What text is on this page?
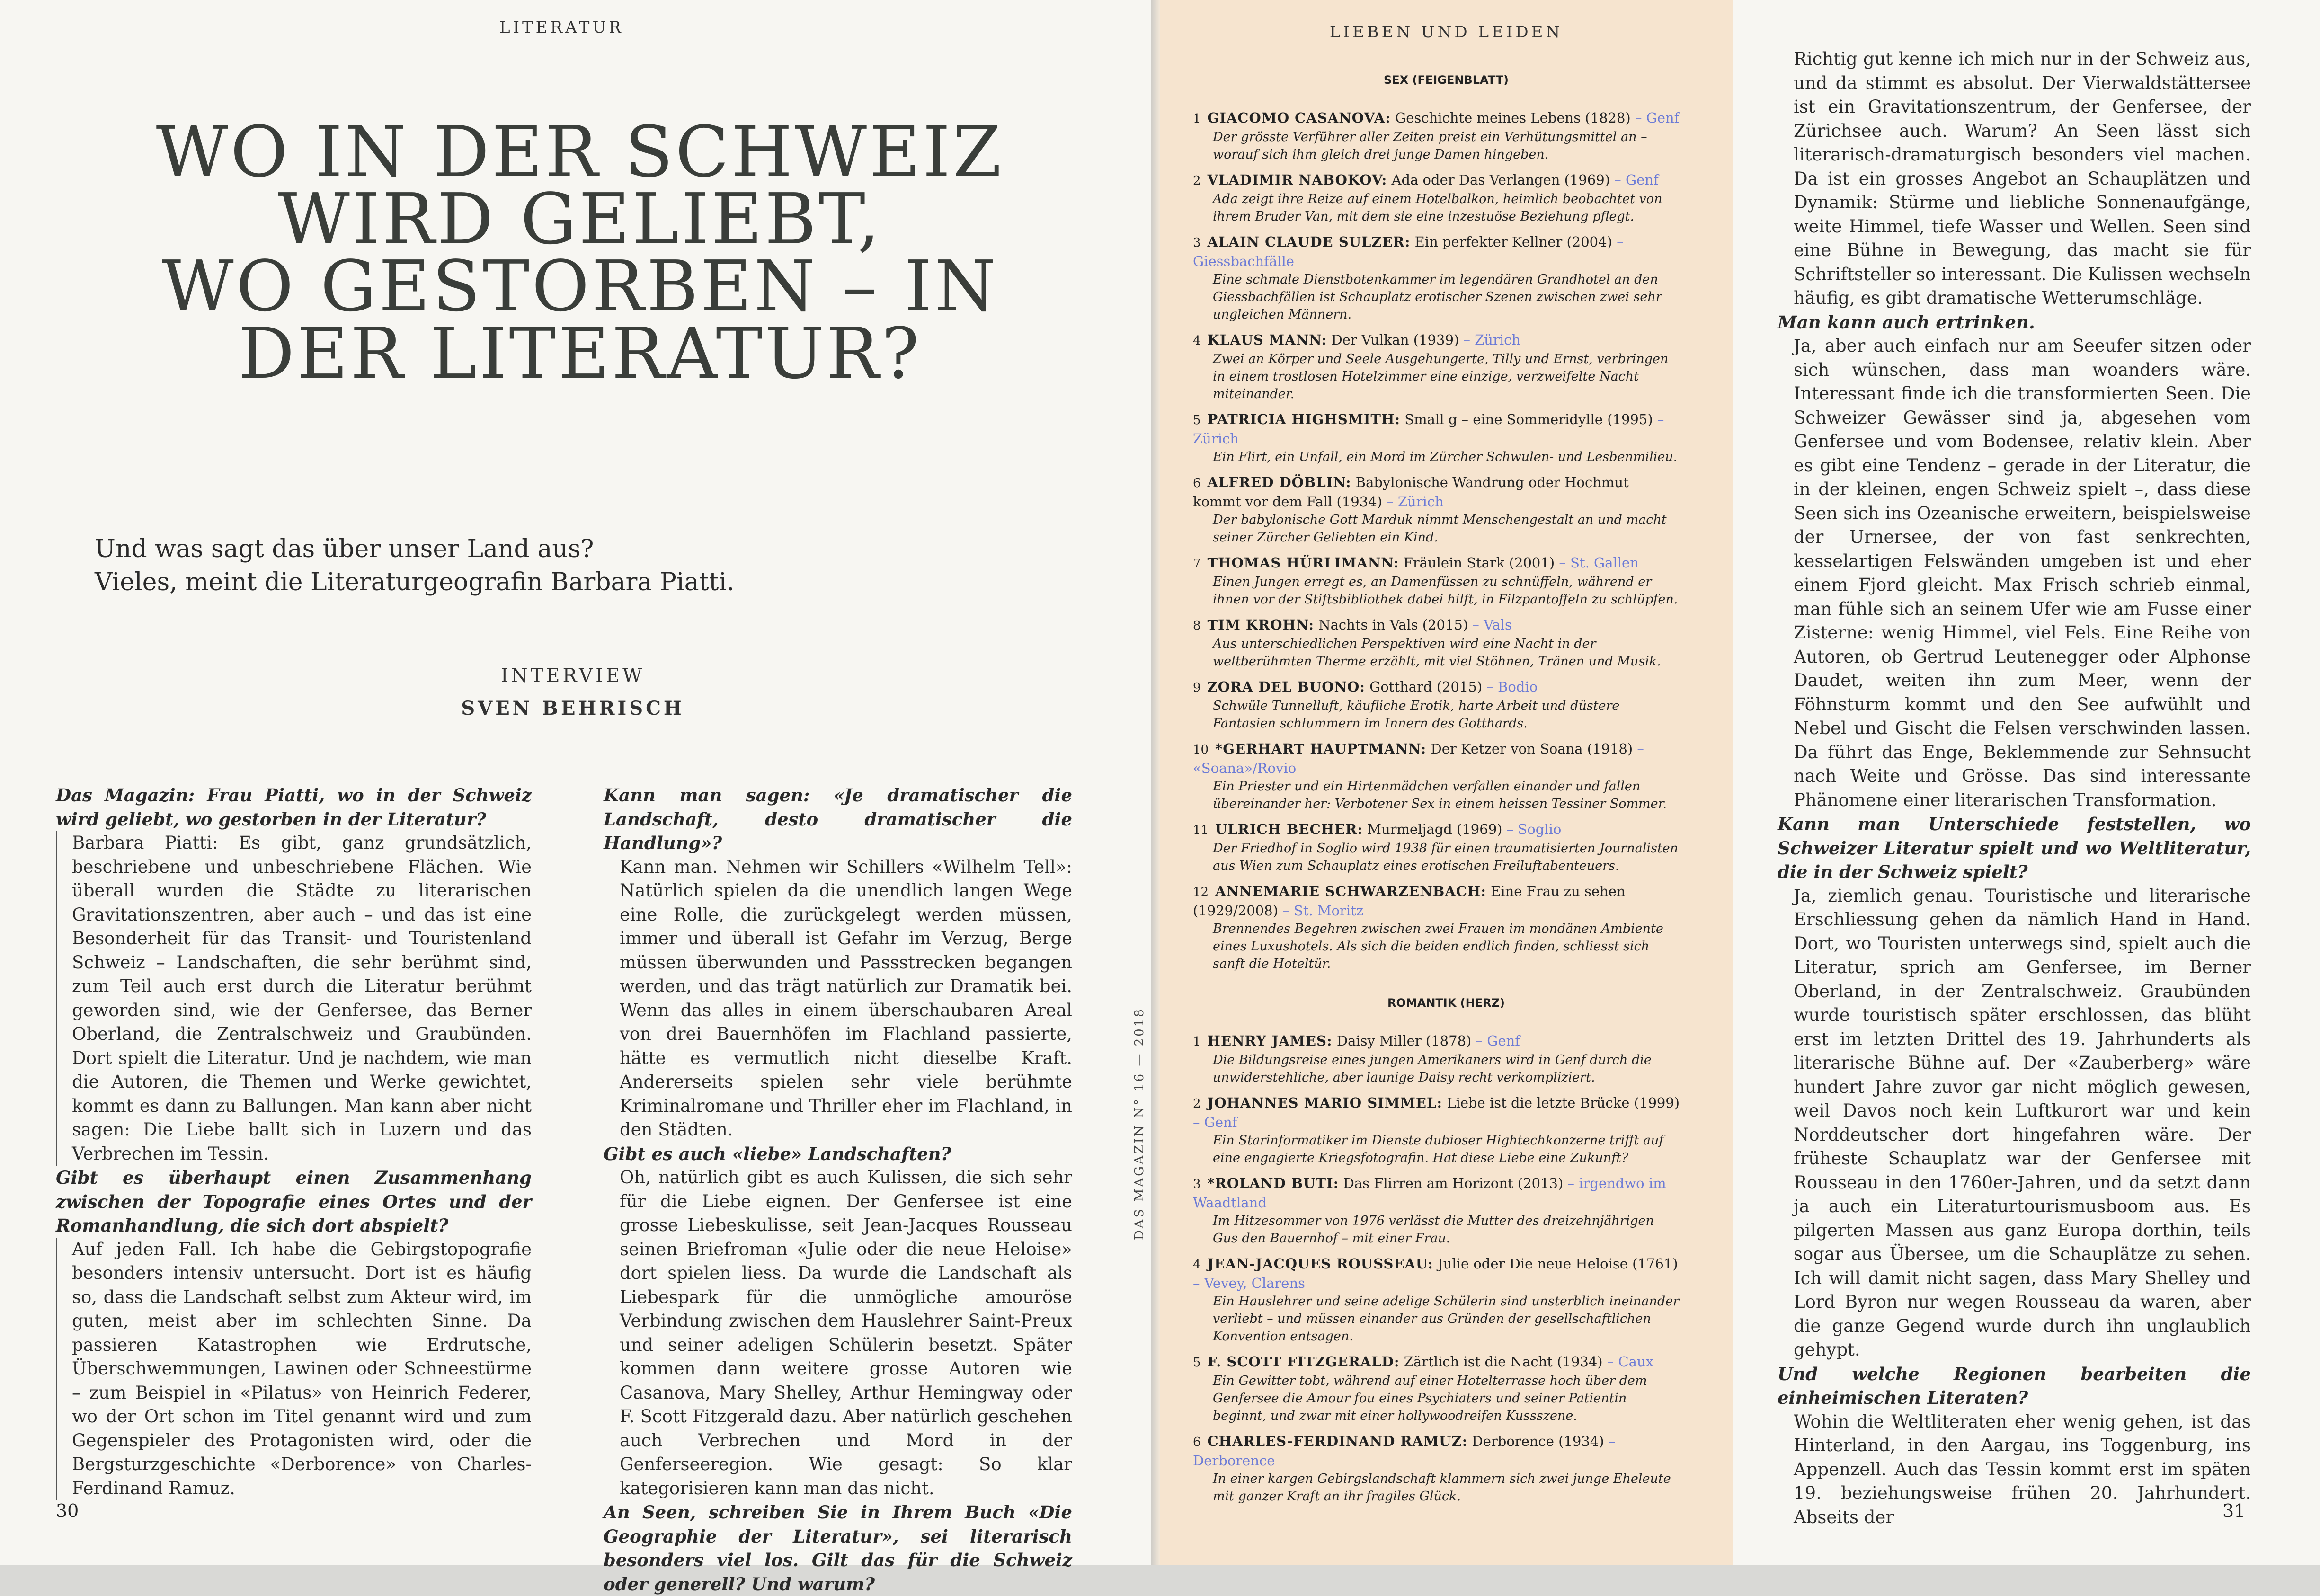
LITERATUR
WO IN DER SCHWEIZ
WIRD GELIEBT,
WO GESTORBEN – IN
DER LITERATUR?
Und was sagt das über unser Land aus?
Vieles, meint die Literaturgeografin Barbara Piatti.
INTERVIEW
SVEN BEHRISCH

Das Magazin: Frau Piatti, wo in der Schweiz wird geliebt, wo gestorben in der Literatur?

Barbara Piatti: Es gibt, ganz grundsätzlich, beschriebene und unbeschriebene Flächen. Wie überall wurden die Städte zu literarischen Gravitationszentren, aber auch – und das ist eine Besonderheit für das Transit- und Touristenland Schweiz – Landschaften, die sehr berühmt sind, zum Teil auch erst durch die Literatur berühmt geworden sind, wie der Genfersee, das Berner Oberland, die Zentralschweiz und Graubünden. Dort spielt die Literatur. Und je nachdem, wie man die Autoren, die Themen und Werke gewichtet, kommt es dann zu Ballungen. Man kann aber nicht sagen: Die Liebe ballt sich in Luzern und das Verbrechen im Tessin.

Gibt es überhaupt einen Zusammenhang zwischen der Topografie eines Ortes und der Romanhandlung, die sich dort abspielt?

Auf jeden Fall. Ich habe die Gebirgstopografie besonders intensiv untersucht. Dort ist es häufig so, dass die Landschaft selbst zum Akteur wird, im guten, meist aber im schlechten Sinne. Da passieren Katastrophen wie Erdrutsche, Überschwemmungen, Lawinen oder Schneestürme – zum Beispiel in «Pilatus» von Heinrich Federer, wo der Ort schon im Titel genannt wird und zum Gegenspieler des Protagonisten wird, oder die Bergsturzgeschichte «Derborence» von Charles-Ferdinand Ramuz.

Kann man sagen: «Je dramatischer die Landschaft, desto dramatischer die Handlung»?

Kann man. Nehmen wir Schillers «Wilhelm Tell»: Natürlich spielen da die unendlich langen Wege eine Rolle, die zurückgelegt werden müssen, immer und überall ist Gefahr im Verzug, Berge müssen überwunden und Passstrecken begangen werden, und das trägt natürlich zur Dramatik bei. Wenn das alles in einem überschaubaren Areal von drei Bauernhöfen im Flachland passierte, hätte es vermutlich nicht dieselbe Kraft. Andererseits spielen sehr viele berühmte Kriminalromane und Thriller eher im Flachland, in den Städten.

Gibt es auch «liebe» Landschaften?

Oh, natürlich gibt es auch Kulissen, die sich sehr für die Liebe eignen. Der Genfersee ist eine grosse Liebeskulisse, seit Jean-Jacques Rousseau seinen Briefroman «Julie oder die neue Heloise» dort spielen liess. Da wurde die Landschaft als Liebespark für die unmögliche amouröse Verbindung zwischen dem Hauslehrer Saint-Preux und seiner adeligen Schülerin besetzt. Später kommen dann weitere grosse Autoren wie Casanova, Mary Shelley, Arthur Hemingway oder F. Scott Fitzgerald dazu. Aber natürlich geschehen auch Verbrechen und Mord in der Genferseeregion. Wie gesagt: So klar kategorisieren kann man das nicht.

An Seen, schreiben Sie in Ihrem Buch «Die Geographie der Literatur», sei literarisch besonders viel los. Gilt das für die Schweiz oder generell? Und warum?

30
DAS MAGAZIN N° 16 — 2018
LIEBEN UND LEIDEN
SEX (FEIGENBLATT)
1 GIACOMO CASANOVA: Geschichte meines Lebens (1828) – Genf
Der grösste Verführer aller Zeiten preist ein Verhütungsmittel an – worauf sich ihm gleich drei junge Damen hingeben.
2 VLADIMIR NABOKOV: Ada oder Das Verlangen (1969) – Genf
Ada zeigt ihre Reize auf einem Hotelbalkon, heimlich beobachtet von ihrem Bruder Van, mit dem sie eine inzestuöse Beziehung pflegt.
3 ALAIN CLAUDE SULZER: Ein perfekter Kellner (2004) – Giessbachfälle
Eine schmale Dienstbotenkammer im legendären Grandhotel an den Giessbachfällen ist Schauplatz erotischer Szenen zwischen zwei sehr ungleichen Männern.
4 KLAUS MANN: Der Vulkan (1939) – Zürich
Zwei an Körper und Seele Ausgehungerte, Tilly und Ernst, verbringen in einem trostlosen Hotelzimmer eine einzige, verzweifelte Nacht miteinander.
5 PATRICIA HIGHSMITH: Small g – eine Sommeridylle (1995) – Zürich
Ein Flirt, ein Unfall, ein Mord im Zürcher Schwulen- und Lesbenmilieu.
6 ALFRED DÖBLIN: Babylonische Wandrung oder Hochmut kommt vor dem Fall (1934) – Zürich
Der babylonische Gott Marduk nimmt Menschengestalt an und macht seiner Zürcher Geliebten ein Kind.
7 THOMAS HÜRLIMANN: Fräulein Stark (2001) – St. Gallen
Einen Jungen erregt es, an Damenfüssen zu schnüffeln, während er ihnen vor der Stiftsbibliothek dabei hilft, in Filzpantoffeln zu schlüpfen.
8 TIM KROHN: Nachts in Vals (2015) – Vals
Aus unterschiedlichen Perspektiven wird eine Nacht in der weltberühmten Therme erzählt, mit viel Stöhnen, Tränen und Musik.
9 ZORA DEL BUONO: Gotthard (2015) – Bodio
Schwüle Tunnelluft, käufliche Erotik, harte Arbeit und düstere Fantasien schlummern im Innern des Gotthards.
10 *GERHART HAUPTMANN: Der Ketzer von Soana (1918) – «Soana»/Rovio
Ein Priester und ein Hirtenmädchen verfallen einander und fallen übereinander her: Verbotener Sex in einem heissen Tessiner Sommer.
11 ULRICH BECHER: Murmeljagd (1969) – Soglio
Der Friedhof in Soglio wird 1938 für einen traumatisierten Journalisten aus Wien zum Schauplatz eines erotischen Freiluftabenteuers.
12 ANNEMARIE SCHWARZENBACH: Eine Frau zu sehen (1929/2008) – St. Moritz
Brennendes Begehren zwischen zwei Frauen im mondänen Ambiente eines Luxushotels. Als sich die beiden endlich finden, schliesst sich sanft die Hoteltür.
ROMANTIK (HERZ)
1 HENRY JAMES: Daisy Miller (1878) – Genf
Die Bildungsreise eines jungen Amerikaners wird in Genf durch die unwiderstehliche, aber launige Daisy recht verkompliziert.
2 JOHANNES MARIO SIMMEL: Liebe ist die letzte Brücke (1999) – Genf
Ein Starinformatiker im Dienste dubioser Hightechkonzerne trifft auf eine engagierte Kriegsfotografin. Hat diese Liebe eine Zukunft?
3 *ROLAND BUTI: Das Flirren am Horizont (2013) – irgendwo im Waadtland
Im Hitzesommer von 1976 verlässt die Mutter des dreizehnjährigen Gus den Bauernhof – mit einer Frau.
4 JEAN-JACQUES ROUSSEAU: Julie oder Die neue Heloise (1761) – Vevey, Clarens
Ein Hauslehrer und seine adelige Schülerin sind unsterblich ineinander verliebt – und müssen einander aus Gründen der gesellschaftlichen Konvention entsagen.
5 F. SCOTT FITZGERALD: Zärtlich ist die Nacht (1934) – Caux
Ein Gewitter tobt, während auf einer Hotelterrasse hoch über dem Genfersee die Amour fou eines Psychiaters und seiner Patientin beginnt, und zwar mit einer hollywoodreifen Kussszene.
6 CHARLES-FERDINAND RAMUZ: Derborence (1934) – Derborence
In einer kargen Gebirgslandschaft klammern sich zwei junge Eheleute mit ganzer Kraft an ihr fragiles Glück.

Richtig gut kenne ich mich nur in der Schweiz aus, und da stimmt es absolut. Der Vierwaldstättersee ist ein Gravitationszentrum, der Genfersee, der Zürichsee auch. Warum? An Seen lässt sich literarisch-dramaturgisch besonders viel machen. Da ist ein grosses Angebot an Schauplätzen und Dynamik: Stürme und liebliche Sonnenaufgänge, weite Himmel, tiefe Wasser und Wellen. Seen sind eine Bühne in Bewegung, das macht sie für Schriftsteller so interessant. Die Kulissen wechseln häufig, es gibt dramatische Wetterumschläge.

Man kann auch ertrinken.

Ja, aber auch einfach nur am Seeufer sitzen oder sich wünschen, dass man woanders wäre. Interessant finde ich die transformierten Seen. Die Schweizer Gewässer sind ja, abgesehen vom Genfersee und vom Bodensee, relativ klein. Aber es gibt eine Tendenz – gerade in der Literatur, die in der kleinen, engen Schweiz spielt –, dass diese Seen sich ins Ozeanische erweitern, beispielsweise der Urnersee, der von fast senkrechten, kesselartigen Felswänden umgeben ist und eher einem Fjord gleicht. Max Frisch schrieb einmal, man fühle sich an seinem Ufer wie am Fusse einer Zisterne: wenig Himmel, viel Fels. Eine Reihe von Autoren, ob Gertrud Leutenegger oder Alphonse Daudet, weiten ihn zum Meer, wenn der Föhnsturm kommt und den See aufwühlt und Nebel und Gischt die Felsen verschwinden lassen. Da führt das Enge, Beklemmende zur Sehnsucht nach Weite und Grösse. Das sind interessante Phänomene einer literarischen Transformation.

Kann man Unterschiede feststellen, wo Schweizer Literatur spielt und wo Weltliteratur, die in der Schweiz spielt?

Ja, ziemlich genau. Touristische und literarische Erschliessung gehen da nämlich Hand in Hand. Dort, wo Touristen unterwegs sind, spielt auch die Literatur, sprich am Genfersee, im Berner Oberland, in der Zentralschweiz. Graubünden wurde touristisch später erschlossen, das blüht erst im letzten Drittel des 19. Jahrhunderts als literarische Bühne auf. Der «Zauberberg» wäre hundert Jahre zuvor gar nicht möglich gewesen, weil Davos noch kein Luftkurort war und kein Norddeutscher dort hingefahren wäre. Der früheste Schauplatz war der Genfersee mit Rousseau in den 1760er-Jahren, und da setzt dann ja auch ein Literaturtourismusboom aus. Es pilgerten Massen aus ganz Europa dorthin, teils sogar aus Übersee, um die Schauplätze zu sehen. Ich will damit nicht sagen, dass Mary Shelley und Lord Byron nur wegen Rousseau da waren, aber die ganze Gegend wurde durch ihn unglaublich gehypt.

Und welche Regionen bearbeiten die einheimischen Literaten?

Wohin die Weltliteraten eher wenig gehen, ist das Hinterland, in den Aargau, ins Toggenburg, ins Appenzell. Auch das Tessin kommt erst im späten 19. beziehungsweise frühen 20. Jahrhundert. Abseits der	31
